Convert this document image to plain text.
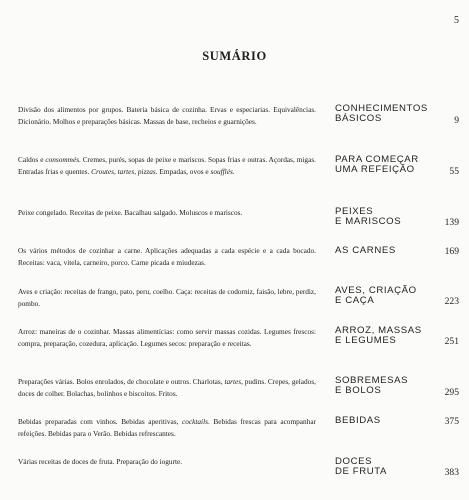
5
SUMÁRIO
Divisão dos alimentos por grupos. Bateria básica de cozinha. Ervas e especiarias. Equivalências. Dicionário. Molhos e preparações básicas. Massas de base, recheios e guarnições.
CONHECIMENTOS
BÁSICOS	9
Caldos e consommés. Cremes, purés, sopas de peixe e mariscos. Sopas frias e outras. Açordas, migas. Entradas frias e quentes. Croutes, tartes, pizzas. Empadas, ovos e soufflés.
PARA COMEÇAR
UMA REFEIÇÃO	55
Peixe congelado. Receitas de peixe. Bacalhau salgado. Moluscos e mariscos.	PEIXES
E MARISCOS	139
Os vários métodos de cozinhar a carne. Aplicações adequadas a cada espécie e a cada bocado. Receitas: vaca, vitela, carneiro, porco. Carne picada e miudezas.
AS CARNES	169
Aves e criação: receitas de frango, pato, peru, coelho. Caça: receitas de codorniz, faisão, lebre, perdiz, pombo.
AVES, CRIAÇÃO
E CAÇA	223
Arroz: maneiras de o cozinhar. Massas alimentícias: como servir massas cozidas. Legumes frescos: compra, preparação, cozedura, aplicação. Legumes secos: preparação e receitas.
ARROZ, MASSAS
E LEGUMES	251
Preparações várias. Bolos enrolados, de chocolate e outros. Charlotas, tartes, pudins. Crepes, gelados, doces de colher. Bolachas, bolinhos e biscoitos. Fritos.
SOBREMESAS
E BOLOS	295
Bebidas preparadas com vinhos. Bebidas aperitivas, cocktails. Bebidas frescas para acompanhar refeições. Bebidas para o Verão. Bebidas refrescantes.
BEBIDAS	375
Várias receitas de doces de fruta. Preparação do iogurte.	DOCES
DE FRUTA	383
